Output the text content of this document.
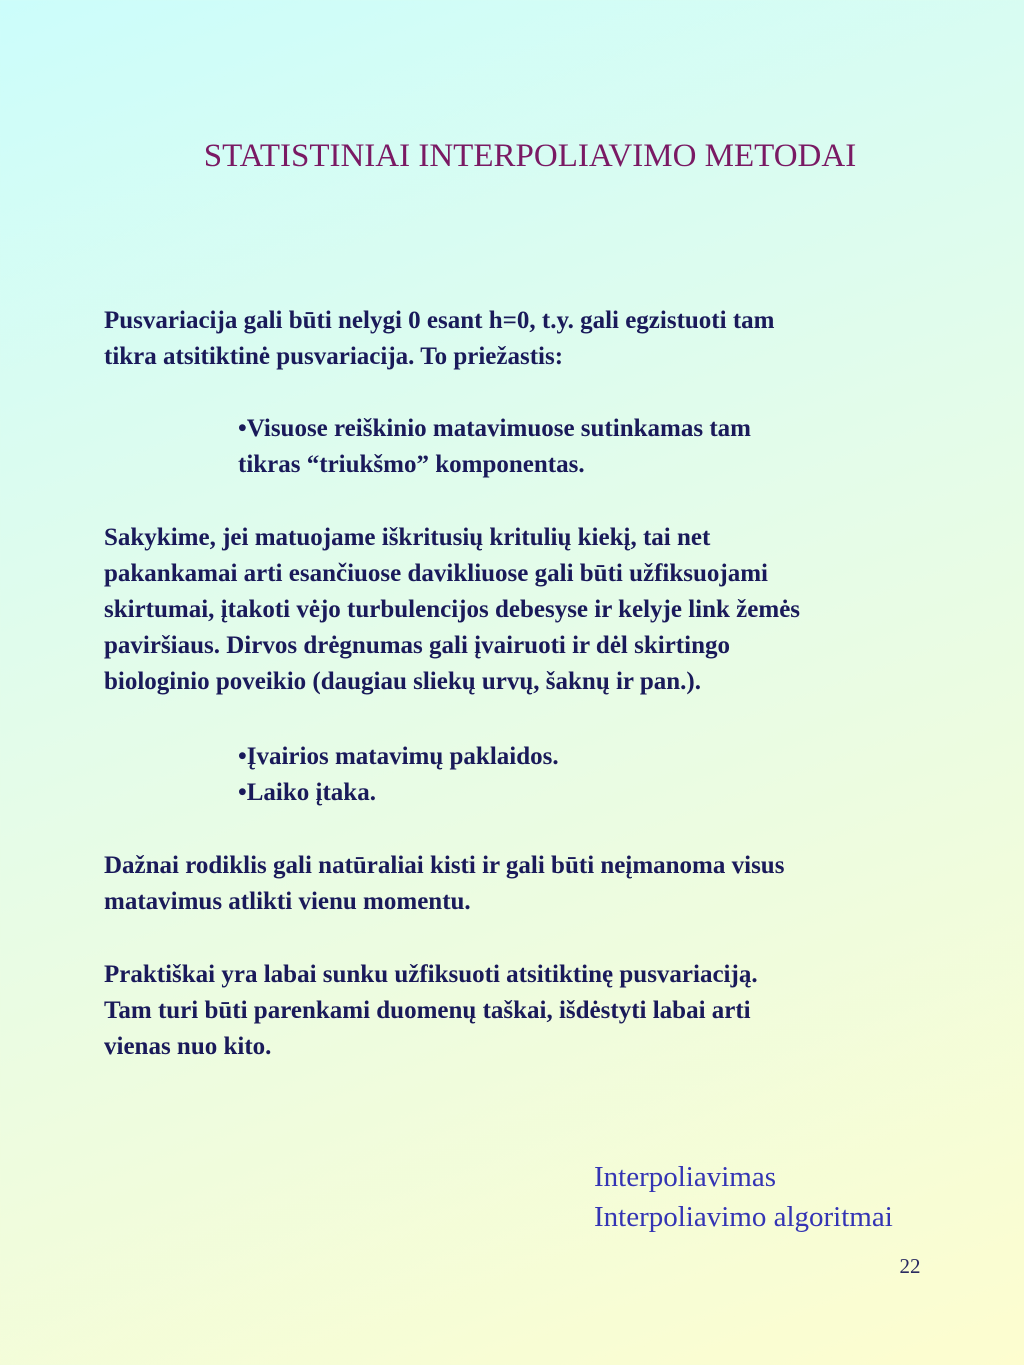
STATISTINIAI INTERPOLIAVIMO METODAI
Pusvariacija gali būti nelygi 0 esant h=0, t.y. gali egzistuoti tam
tikra atsitiktinė pusvariacija. To priežastis:
•Visuose reiškinio matavimuose sutinkamas tam
tikras “triukšmo” komponentas.
Sakykime, jei matuojame iškritusių kritulių kiekį, tai net
pakankamai arti esančiuose davikliuose gali būti užfiksuojami
skirtumai, įtakoti vėjo turbulencijos debesyse ir kelyje link žemės
paviršiaus. Dirvos drėgnumas gali įvairuoti ir dėl skirtingo
biologinio poveikio (daugiau sliekų urvų, šaknų ir pan.).
•Įvairios matavimų paklaidos.
•Laiko įtaka.
Dažnai rodiklis gali natūraliai kisti ir gali būti neįmanoma visus
matavimus atlikti vienu momentu.
Praktiškai yra labai sunku užfiksuoti atsitiktinę pusvariaciją.
Tam turi būti parenkami duomenų taškai, išdėstyti labai arti
vienas nuo kito.
Interpoliavimas
Interpoliavimo algoritmai
22
